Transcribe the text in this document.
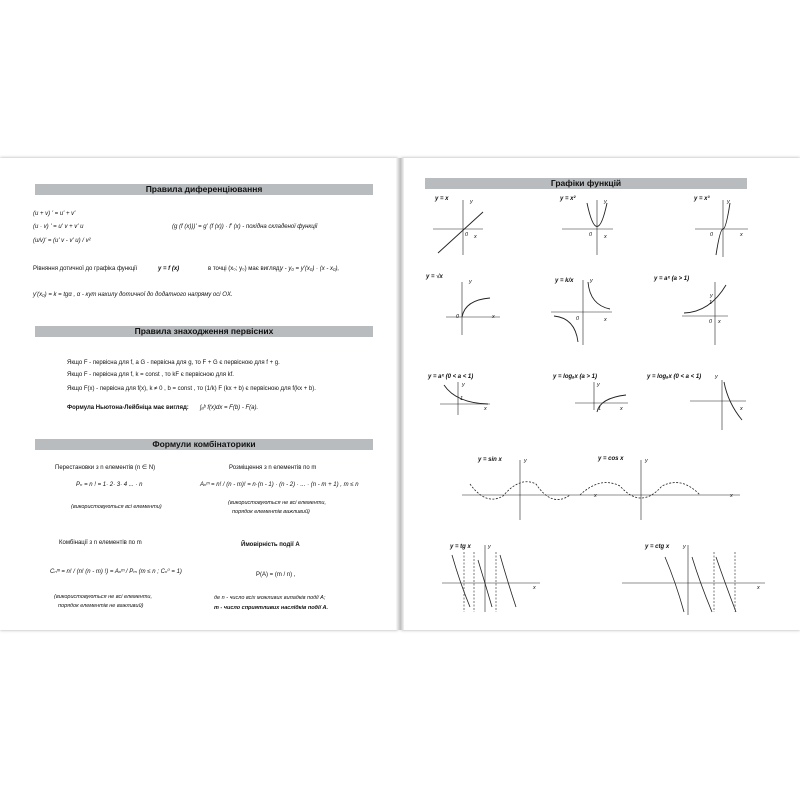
Правила диференціювання
(u + v) ' = u' + v'
(u · v) ' = u' v + v' u
(u/v)' = (u' v - v' u) / v²
(g (f (x)))' = g' (f (x)) · f' (x) - похідна складеної функції
Рівняння дотичної до графіка функції	y = f (x)	в точці (x₀; y₀) має вигляд: y - y₀ = y'(x₀) · (x - x₀),
y'(x₀) = k = tgα , α - кут нахилу дотичної до додатного напряму осі OX.
Правила знаходження первісних
Якщо F - первісна для f, а G - первісна для g, то F + G є первісною для f + g.
Якщо F - первісна для f, k = const , то kF є первісною для kf.
Якщо F(x) - первісна для f(x), k ≠ 0 , b = const , то (1/k) F (kx + b) є первісною для f(kx + b).
Формула Ньютона-Лейбніца має вигляд: ∫ₐᵇ f(x)dx = F(b) - F(a).
Формули комбінаторики
Перестановки з n елементів (n ∈ N)
Pₙ = n ! = 1· 2· 3· 4 ... · n
(використовуються всі елементи)
Розміщення з n елементів по m
Aₙᵐ = n! / (n - m)! = n·(n - 1) · (n - 2) · ... · (n - m + 1) , m ≤ n
(використовуються не всі елементи,
порядок елементів важливий)
Комбінації з n елементів по m
Cₙᵐ = n! / (n! (n - m) !) = Aₙᵐ / Pₘ (m ≤ n ; Cₙ⁰ = 1)
(використовуються не всі елементи,
порядок елементів не важливий)
Ймовірність події А
P(A) = (m / n) ,
де n - число всіх можливих випадків події А;
m - число сприятливих наслідків події А.
Графіки функцій
y = x	y = x²	y = x³
y = √x
y = k/x	y = aˣ (a > 1)
y = aˣ (0 < a < 1)	y = logₐx (a > 1)	y = logₐx (0 < a < 1)
y = sin x	y = cos x
y = tg x	y = ctg x
y
x
0
y
x
0
y
x
0
y
x
0
y
x
0
y
x
0
1
y
x
1
y
x
1
y
x
y
x
y
x
y
x
y
x
